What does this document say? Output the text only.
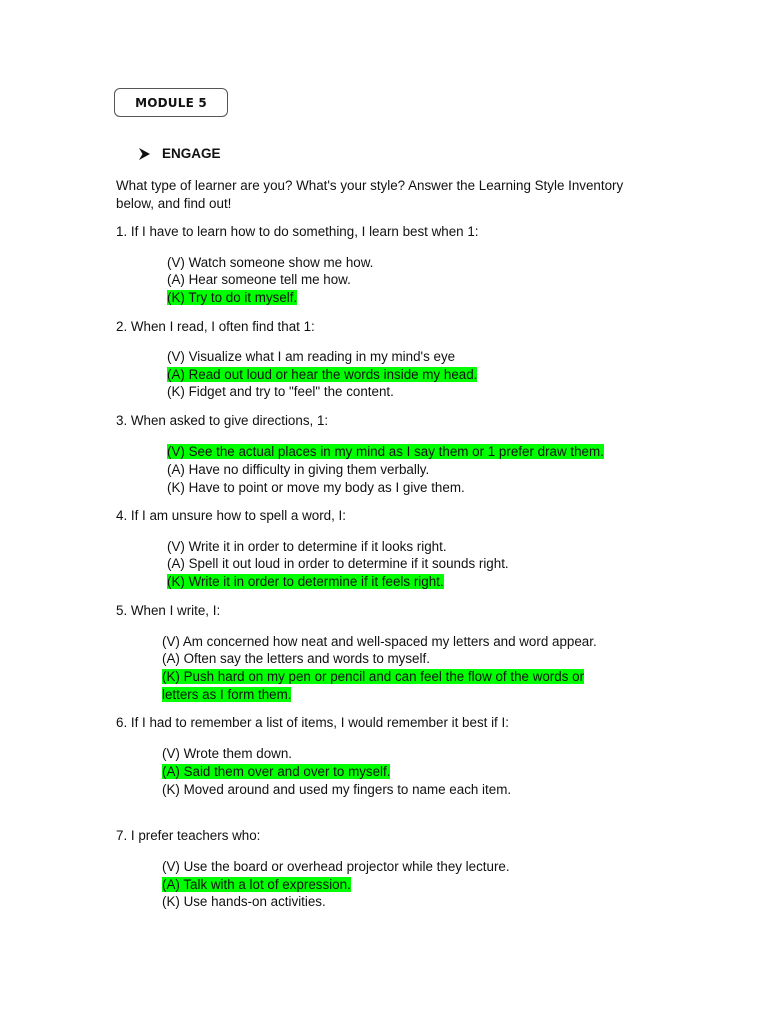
MODULE 5
ENGAGE
What type of learner are you? What's your style? Answer the Learning Style Inventory below, and find out!
1. If I have to learn how to do something, I learn best when 1:
(V) Watch someone show me how.
(A) Hear someone tell me how.
(K) Try to do it myself.
2. When I read, I often find that 1:
(V) Visualize what I am reading in my mind's eye
(A) Read out loud or hear the words inside my head.
(K) Fidget and try to "feel" the content.
3. When asked to give directions, 1:
(V) See the actual places in my mind as I say them or 1 prefer draw them.
(A) Have no difficulty in giving them verbally.
(K) Have to point or move my body as I give them.
4. If I am unsure how to spell a word, I:
(V) Write it in order to determine if it looks right.
(A) Spell it out loud in order to determine if it sounds right.
(K) Write it in order to determine if it feels right.
5. When I write, I:
(V) Am concerned how neat and well-spaced my letters and word appear.
(A) Often say the letters and words to myself.
(K) Push hard on my pen or pencil and can feel the flow of the words or letters as I form them.
6. If I had to remember a list of items, I would remember it best if I:
(V) Wrote them down.
(A) Said them over and over to myself.
(K) Moved around and used my fingers to name each item.
7. I prefer teachers who:
(V) Use the board or overhead projector while they lecture.
(A) Talk with a lot of expression.
(K) Use hands-on activities.
